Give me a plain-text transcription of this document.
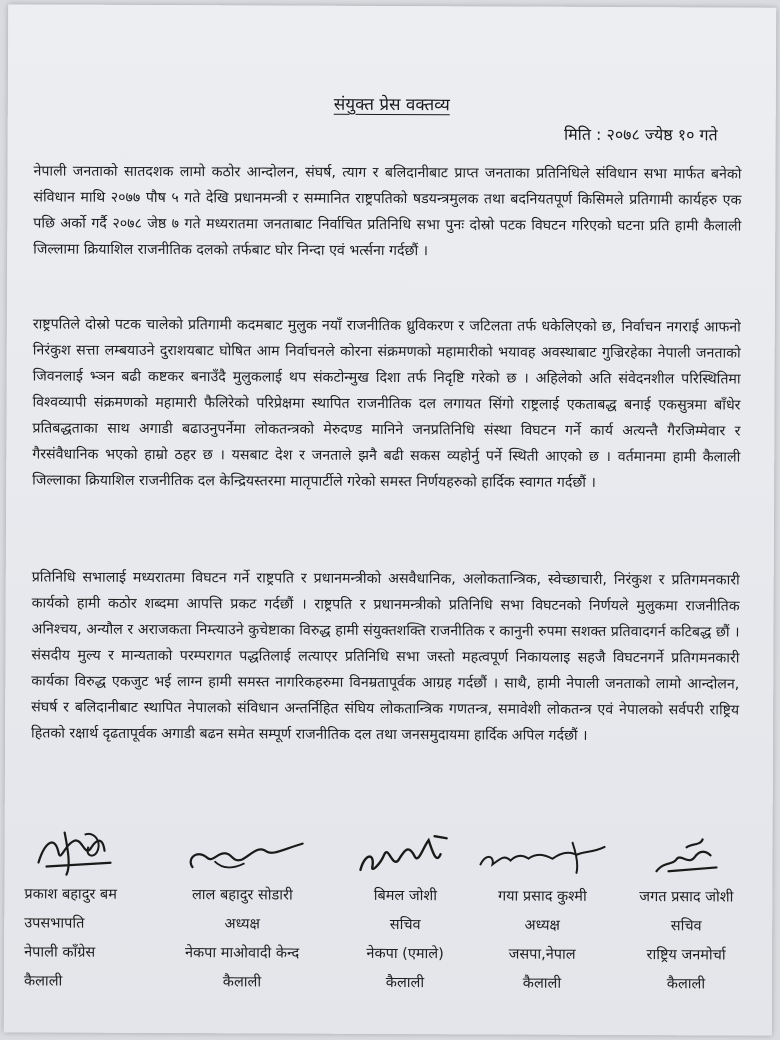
संयुक्त प्रेस वक्तव्य
मिति : २०७८ ज्येष्ठ १० गते

नेपाली जनताको सातदशक लामो कठोर आन्दोलन, संघर्ष, त्याग र बलिदानीबाट प्राप्त जनताका प्रतिनिधिले संविधान सभा मार्फत बनेको संविधान माथि २०७७ पौष ५ गते देखि प्रधानमन्त्री र सम्मानित राष्ट्रपतिको षडयन्त्रमुलक तथा बदनियतपूर्ण किसिमले प्रतिगामी कार्यहरु एक पछि अर्को गर्दै २०७८ जेष्ठ ७ गते मध्यरातमा जनताबाट निर्वाचित प्रतिनिधि सभा पुनः दोस्रो पटक विघटन गरिएको घटना प्रति हामी कैलाली जिल्लामा क्रियाशिल राजनीतिक दलको तर्फबाट घोर निन्दा एवं भर्त्सना गर्दछौं ।

राष्ट्रपतिले दोस्रो पटक चालेको प्रतिगामी कदमबाट मुलुक नयाँ राजनीतिक ध्रुविकरण र जटिलता तर्फ धकेलिएको छ, निर्वाचन नगराई आफनो निरंकुश सत्ता लम्बयाउने दुराशयबाट घोषित आम निर्वाचनले कोरना संक्रमणको महामारीको भयावह अवस्थाबाट गुज्रिरहेका नेपाली जनताको जिवनलाई भ्ञन बढी कष्टकर बनाउँदै मुलुकलाई थप संकटोन्मुख दिशा तर्फ निदृष्टि गरेको छ । अहिलेको अति संवेदनशील परिस्थितिमा विश्वव्यापी संक्रमणको महामारी फैलिरेको परिप्रेक्षमा स्थापित राजनीतिक दल लगायत सिंगो राष्ट्रलाई एकताबद्ध बनाई एकसुत्रमा बाँधेर प्रतिबद्धताका साथ अगाडी बढाउनुपर्नेमा लोकतन्त्रको मेरुदण्ड मानिने जनप्रतिनिधि संस्था विघटन गर्ने कार्य अत्यन्तै गैरजिम्मेवार र गैरसंवैधानिक भएको हाम्रो ठहर छ । यसबाट देश र जनताले झनै बढी सकस व्यहोर्नु पर्ने स्थिती आएको छ । वर्तमानमा हामी कैलाली जिल्लाका क्रियाशिल राजनीतिक दल केन्द्रियस्तरमा मातृपार्टीले गरेको समस्त निर्णयहरुको हार्दिक स्वागत गर्दछौं ।

प्रतिनिधि सभालाई मध्यरातमा विघटन गर्ने राष्ट्रपति र प्रधानमन्त्रीको असवैधानिक, अलोकतान्त्रिक, स्वेच्छाचारी, निरंकुश र प्रतिगमनकारी कार्यको हामी कठोर शब्दमा आपत्ति प्रकट गर्दछौं । राष्ट्रपति र प्रधानमन्त्रीको प्रतिनिधि सभा विघटनको निर्णयले मुलुकमा राजनीतिक अनिश्चय, अन्यौल र अराजकता निम्त्याउने कुचेष्टाका विरुद्ध हामी संयुक्तशक्ति राजनीतिक र कानुनी रुपमा सशक्त प्रतिवादगर्न कटिबद्ध छौं । संसदीय मुल्य र मान्यताको परम्परागत पद्धतिलाई लत्याएर प्रतिनिधि सभा जस्तो महत्वपूर्ण निकायलाइ सहजै विघटनगर्ने प्रतिगमनकारी कार्यका विरुद्ध एकजुट भई लाग्न हामी समस्त नागरिकहरुमा विनम्रतापूर्वक आग्रह गर्दछौं । साथै, हामी नेपाली जनताको लामो आन्दोलन, संघर्ष र बलिदानीबाट स्थापित नेपालको संविधान अन्तर्निहित संघिय लोकतान्त्रिक गणतन्त्र, समावेशी लोकतन्त्र एवं नेपालको सर्वपरी राष्ट्रिय हितको रक्षार्थ दृढतापूर्वक अगाडी बढन समेत सम्पूर्ण राजनीतिक दल तथा जनसमुदायमा हार्दिक अपिल गर्दछौं ।

प्रकाश बहादुर बम
उपसभापति
नेपाली काँग्रेस
कैलाली
लाल बहादुर सोडारी
अध्यक्ष
नेकपा माओवादी केन्द
कैलाली
बिमल जोशी
सचिव
नेकपा (एमाले)
कैलाली
गया प्रसाद कुश्मी
अध्यक्ष
जसपा,नेपाल
कैलाली
जगत प्रसाद जोशी
सचिव
राष्ट्रिय जनमोर्चा
कैलाली
